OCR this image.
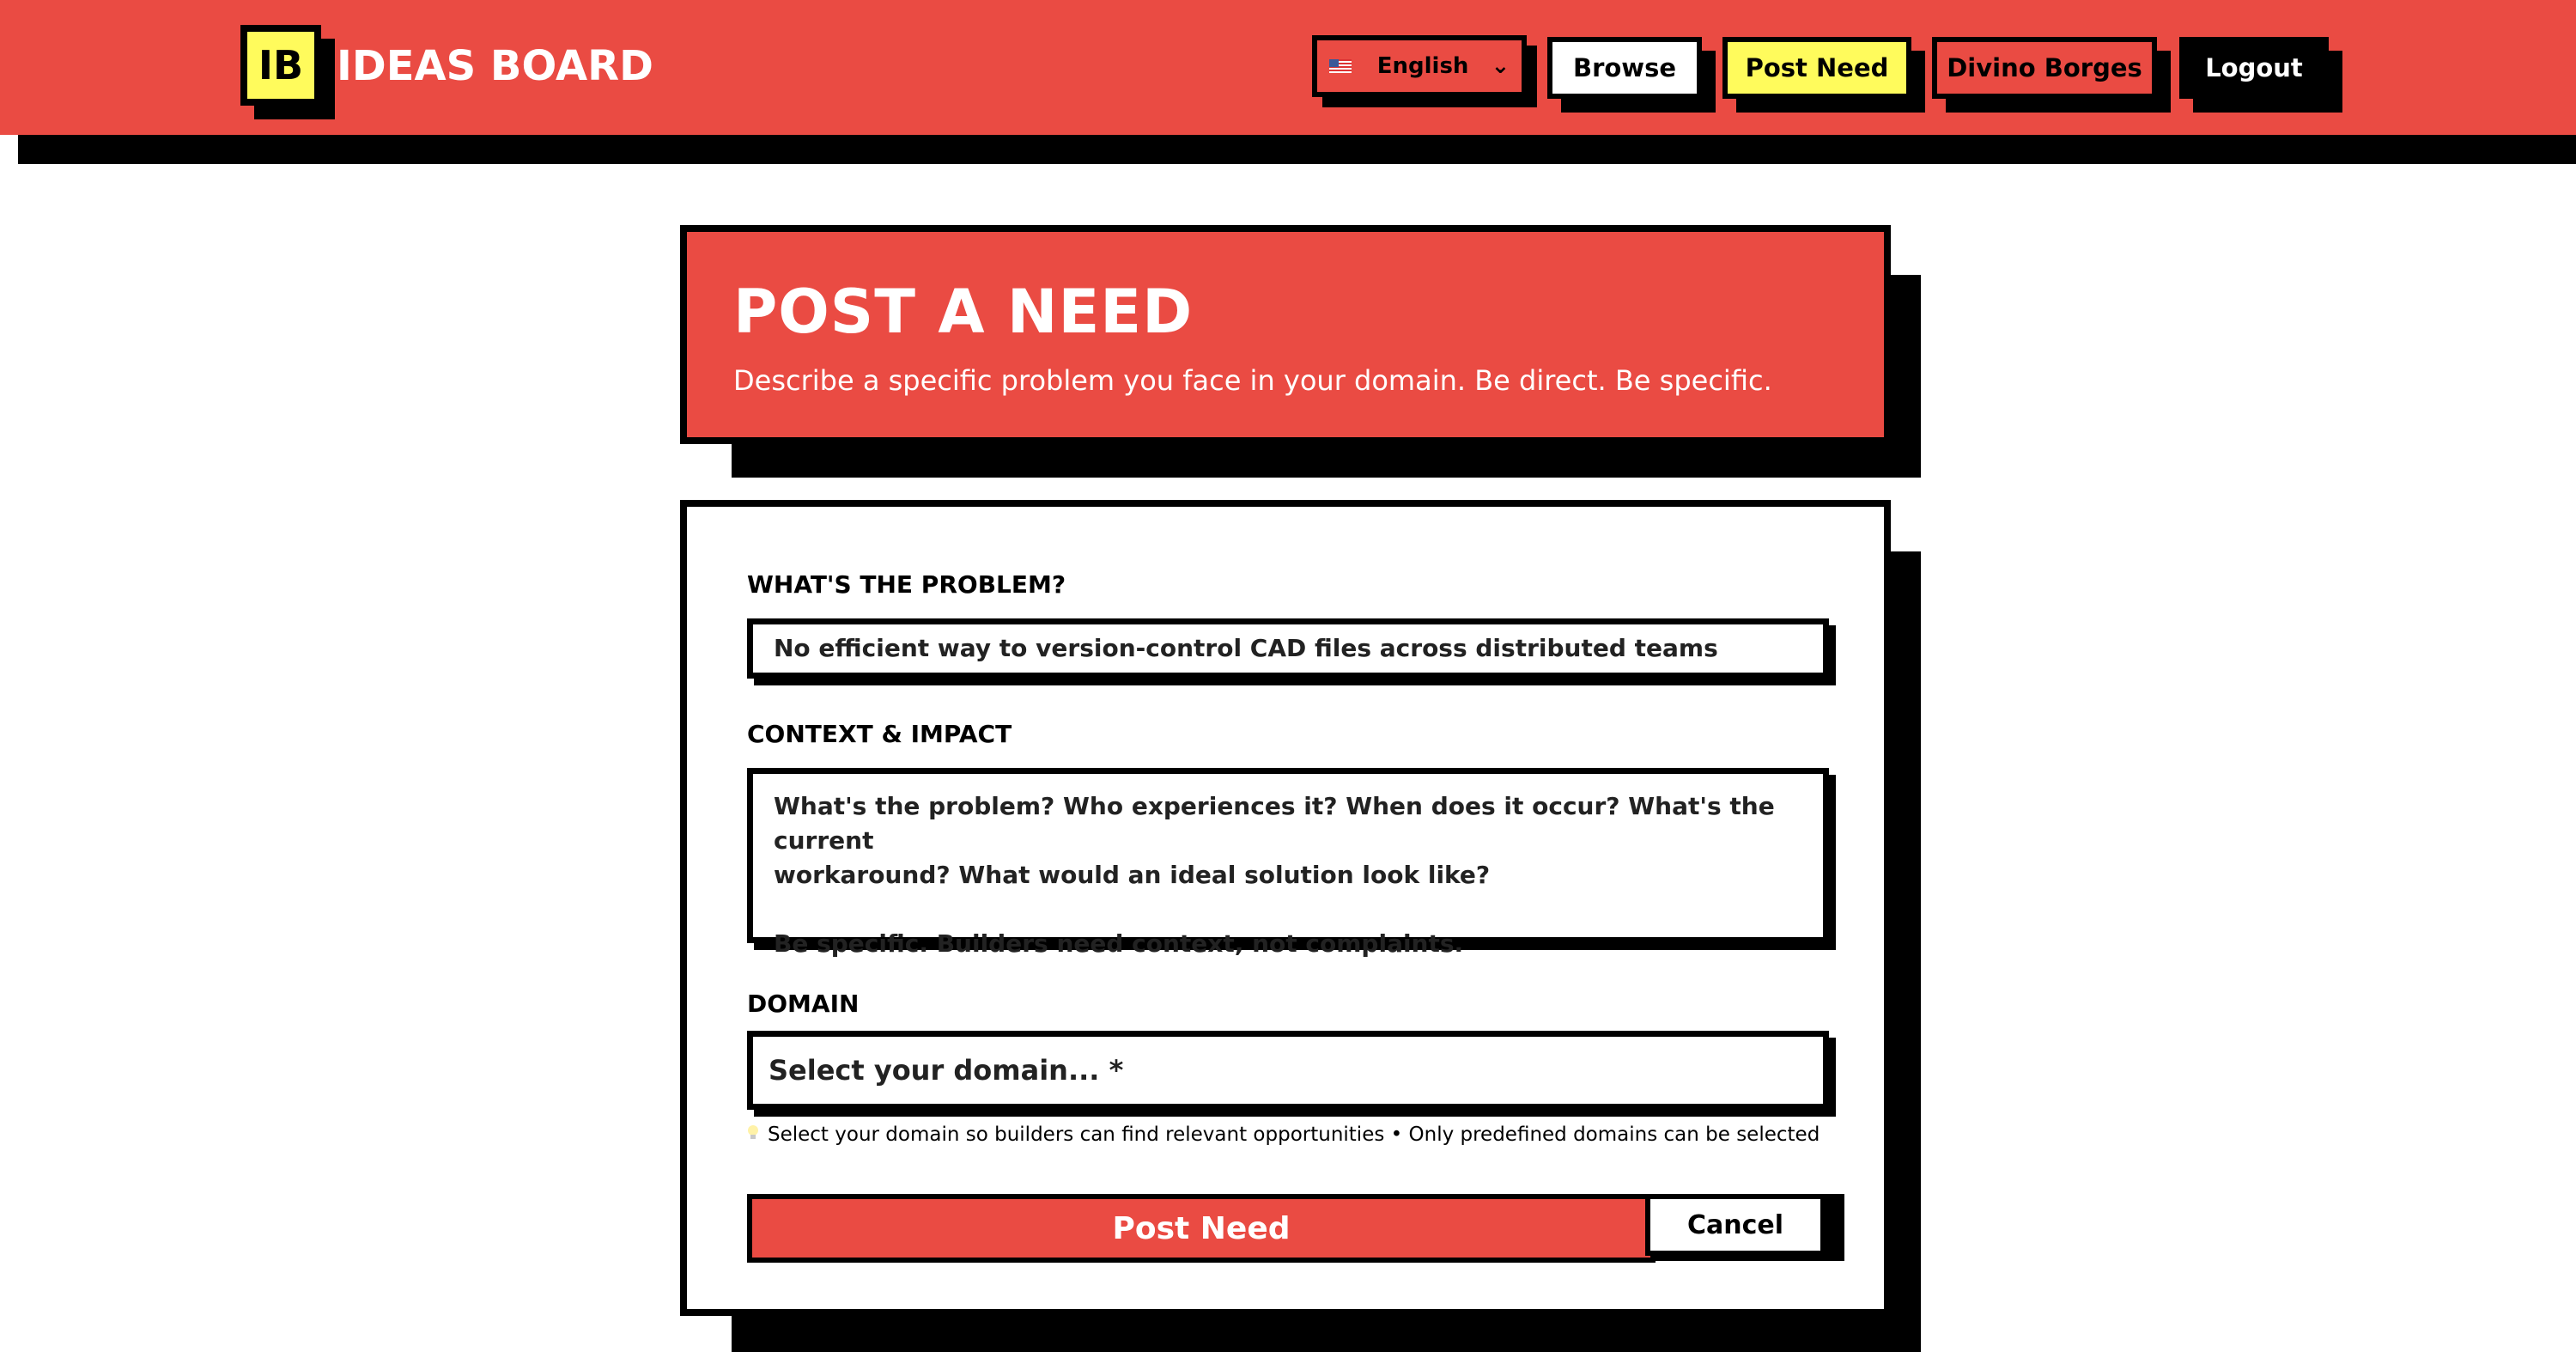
IB IDEAS BOARD	English ⌄	Browse	Post Need	Divino Borges	Logout
POST A NEED
Describe a specific problem you face in your domain. Be direct. Be specific.
WHAT'S THE PROBLEM?
No efficient way to version-control CAD files across distributed teams
CONTEXT & IMPACT
What's the problem? Who experiences it? When does it occur? What's the current
workaround? What would an ideal solution look like?
Be specific. Builders need context, not complaints.
DOMAIN
Select your domain... *
Select your domain so builders can find relevant opportunities • Only predefined domains can be selected
Post Need	Cancel
